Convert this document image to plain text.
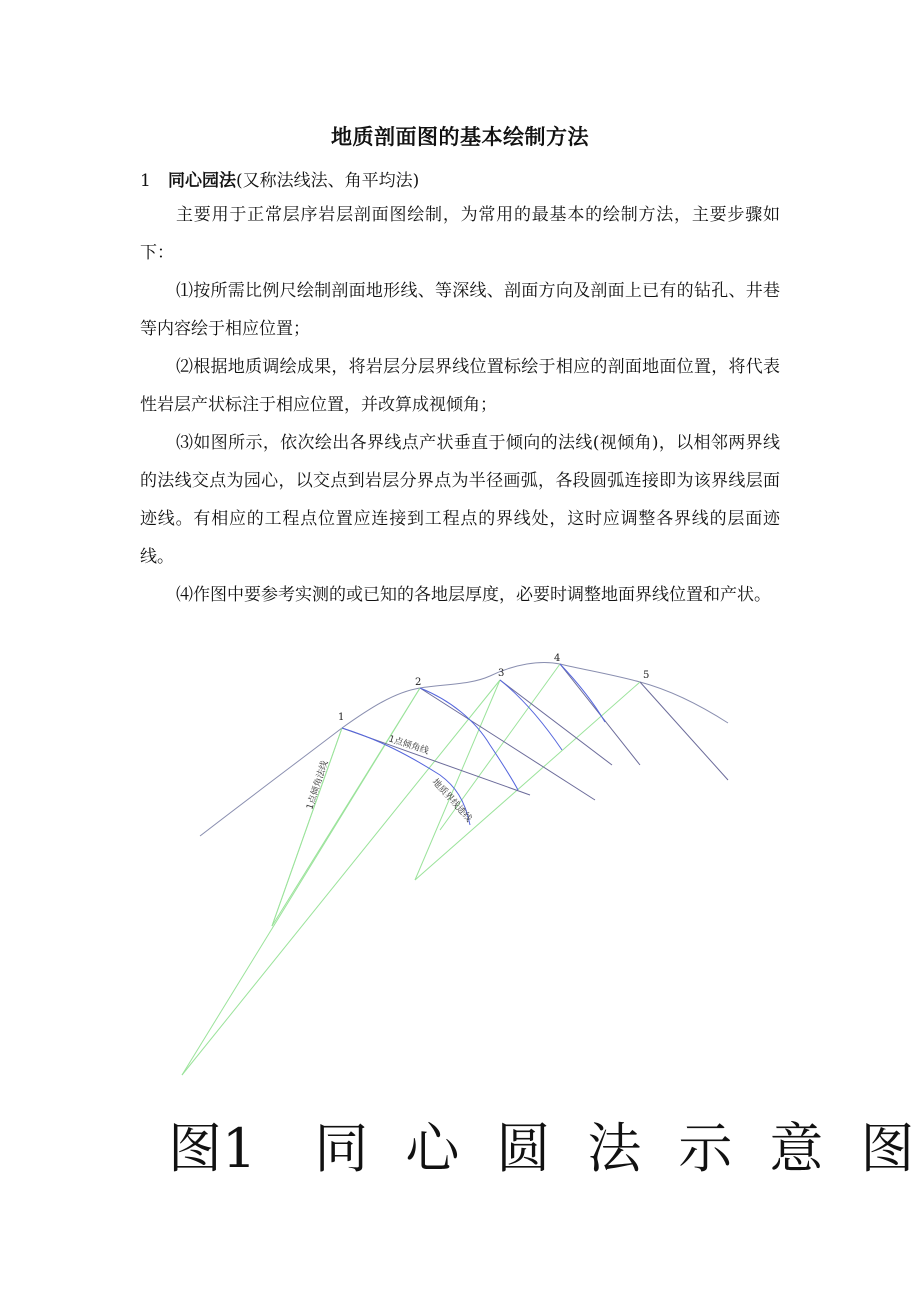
地质剖面图的基本绘制方法
1 同心园法(又称法线法、角平均法)

主要用于正常层序岩层剖面图绘制，为常用的最基本的绘制方法，主要步骤如下：

⑴按所需比例尺绘制剖面地形线、等深线、剖面方向及剖面上已有的钻孔、井巷等内容绘于相应位置；

⑵根据地质调绘成果，将岩层分层界线位置标绘于相应的剖面地面位置，将代表性岩层产状标注于相应位置，并改算成视倾角；

⑶如图所示，依次绘出各界线点产状垂直于倾向的法线(视倾角)，以相邻两界线的法线交点为园心，以交点到岩层分界点为半径画弧，各段圆弧连接即为该界线层面迹线。有相应的工程点位置应连接到工程点的界线处，这时应调整各界线的层面迹线。

⑷作图中要参考实测的或已知的各地层厚度，必要时调整地面界线位置和产状。

1
2
3
4
5
1点倾角线
1点倾角法线	地质界线迹线
图1 同 心 圆 法 示 意 图
